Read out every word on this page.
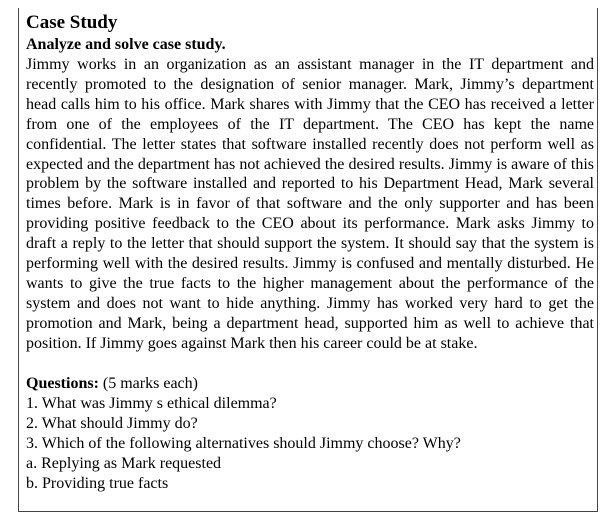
Case Study

Analyze and solve case study.

Jimmy works in an organization as an assistant manager in the IT department and recently promoted to the designation of senior manager. Mark, Jimmy’s department head calls him to his office. Mark shares with Jimmy that the CEO has received a letter from one of the employees of the IT department. The CEO has kept the name confidential. The letter states that software installed recently does not perform well as expected and the department has not achieved the desired results. Jimmy is aware of this problem by the software installed and reported to his Department Head, Mark several times before. Mark is in favor of that software and the only supporter and has been providing positive feedback to the CEO about its performance. Mark asks Jimmy to draft a reply to the letter that should support the system. It should say that the system is performing well with the desired results. Jimmy is confused and mentally disturbed. He wants to give the true facts to the higher management about the performance of the system and does not want to hide anything. Jimmy has worked very hard to get the promotion and Mark, being a department head, supported him as well to achieve that position. If Jimmy goes against Mark then his career could be at stake.

Questions: (5 marks each)

1. What was Jimmy s ethical dilemma?

2. What should Jimmy do?

3. Which of the following alternatives should Jimmy choose? Why?

a. Replying as Mark requested

b. Providing true facts
